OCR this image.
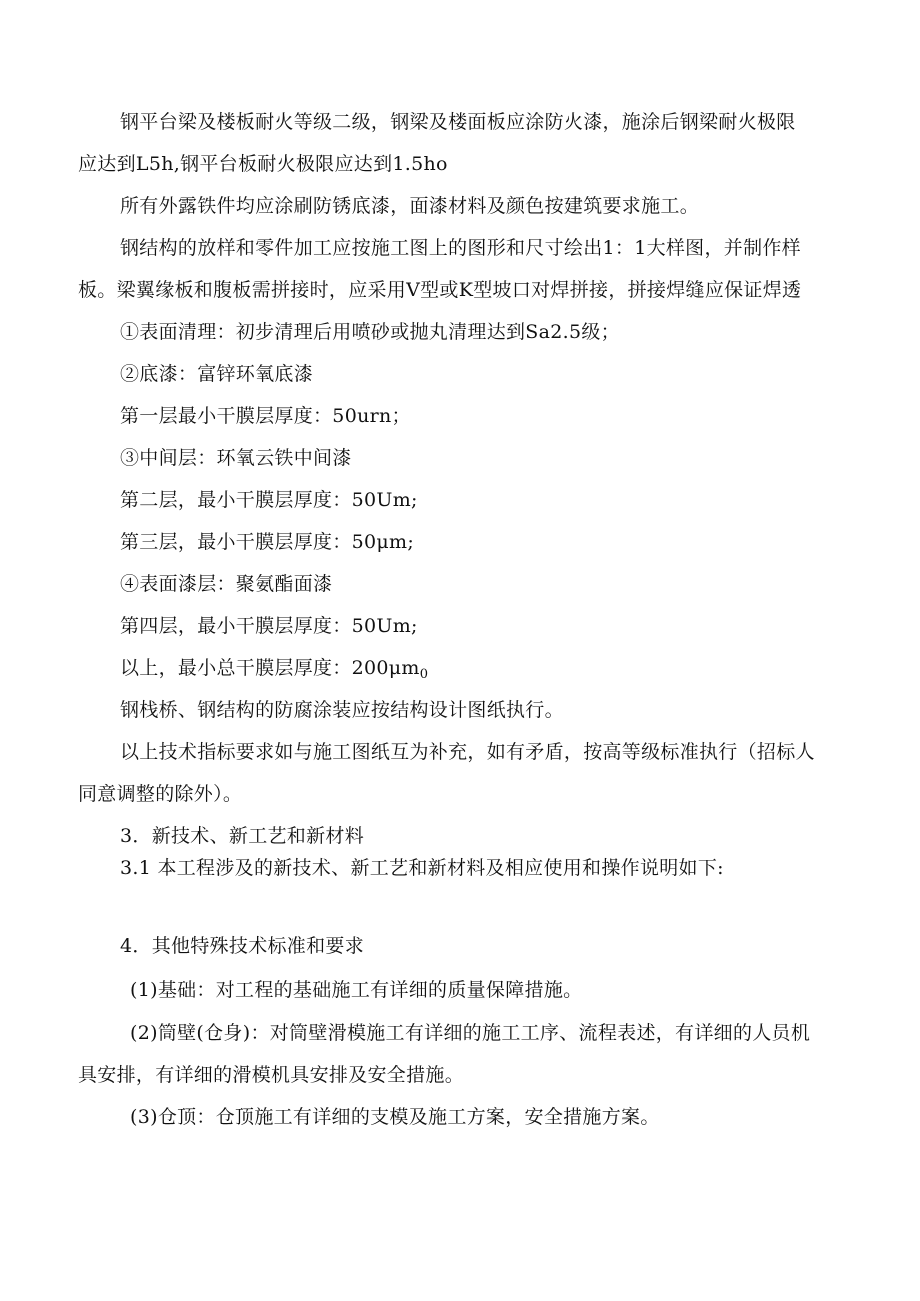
钢平台梁及楼板耐火等级二级，钢梁及楼面板应涂防火漆，施涂后钢梁耐火极限
应达到L5h,钢平台板耐火极限应达到1.5ho
所有外露铁件均应涂刷防锈底漆，面漆材料及颜色按建筑要求施工。
钢结构的放样和零件加工应按施工图上的图形和尺寸绘出1：1大样图，并制作样
板。梁翼缘板和腹板需拼接时，应采用V型或K型坡口对焊拼接，拼接焊缝应保证焊透
①表面清理：初步清理后用喷砂或抛丸清理达到Sa2.5级；
②底漆：富锌环氧底漆
第一层最小干膜层厚度：50urn；
③中间层：环氧云铁中间漆
第二层，最小干膜层厚度：50Um;
第三层，最小干膜层厚度：50μm;
④表面漆层：聚氨酯面漆
第四层，最小干膜层厚度：50Um;
以上，最小总干膜层厚度：$200\mu m_0$
钢栈桥、钢结构的防腐涂装应按结构设计图纸执行。
以上技术指标要求如与施工图纸互为补充，如有矛盾，按高等级标准执行（招标人
同意调整的除外）。
3．新技术、新工艺和新材料
3.1 本工程涉及的新技术、新工艺和新材料及相应使用和操作说明如下:
4．其他特殊技术标准和要求
(1)基础：对工程的基础施工有详细的质量保障措施。
(2)筒壁(仓身)：对筒壁滑模施工有详细的施工工序、流程表述，有详细的人员机
具安排，有详细的滑模机具安排及安全措施。
(3)仓顶：仓顶施工有详细的支模及施工方案，安全措施方案。
